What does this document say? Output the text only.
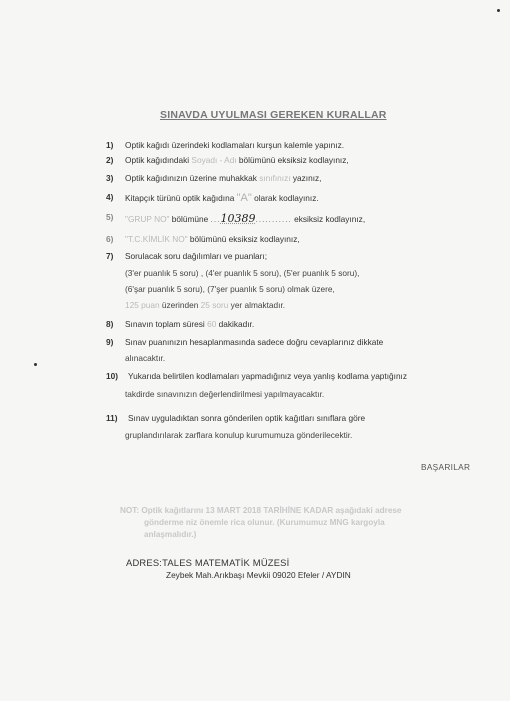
SINAVDA UYULMASI GEREKEN KURALLAR
1) Optik kağıdı üzerindeki kodlamaları kurşun kalemle yapınız.
2) Optik kağıdındaki Soyadı - Adı bölümünü eksiksiz kodlayınız,
3) Optik kağıdınızın üzerine muhakkak sınıfınızı yazınız,
4) Kitapçık türünü optik kağıdına "A" olarak kodlayınız.
5) "GRUP NO" bölümüne ...10389........... eksiksiz kodlayınız,
6) "T.C.KİMLİK NO" bölümünü eksiksiz kodlayınız,
7) Sorulacak soru dağılımları ve puanları;
(3'er puanlık 5 soru) , (4'er puanlık 5 soru), (5'er puanlık 5 soru),
(6'şar puanlık 5 soru), (7'şer puanlık 5 soru) olmak üzere,
125 puan üzerinden 25 soru yer almaktadır.
8) Sınavın toplam süresi 60 dakikadır.
9) Sınav puanınızın hesaplanmasında sadece doğru cevaplarınız dikkate
alınacaktır.
10) Yukarıda belirtilen kodlamaları yapmadığınız veya yanlış kodlama yaptığınız
takdirde sınavınızın değerlendirilmesi yapılmayacaktır.
11) Sınav uyguladıktan sonra gönderilen optik kağıtları sınıflara göre
gruplandırılarak zarflara konulup kurumumuza gönderilecektir.
BAŞARILAR
NOT: Optik kağıtlarını 13 MART 2018 TARİHİNE KADAR aşağıdaki adrese
gönderme niz önemle rica olunur. (Kurumumuz MNG kargoyla
anlaşmalıdır.)
ADRES:TALES MATEMATİK MÜZESİ
Zeybek Mah.Arıkbaşı Mevkii 09020 Efeler / AYDIN
